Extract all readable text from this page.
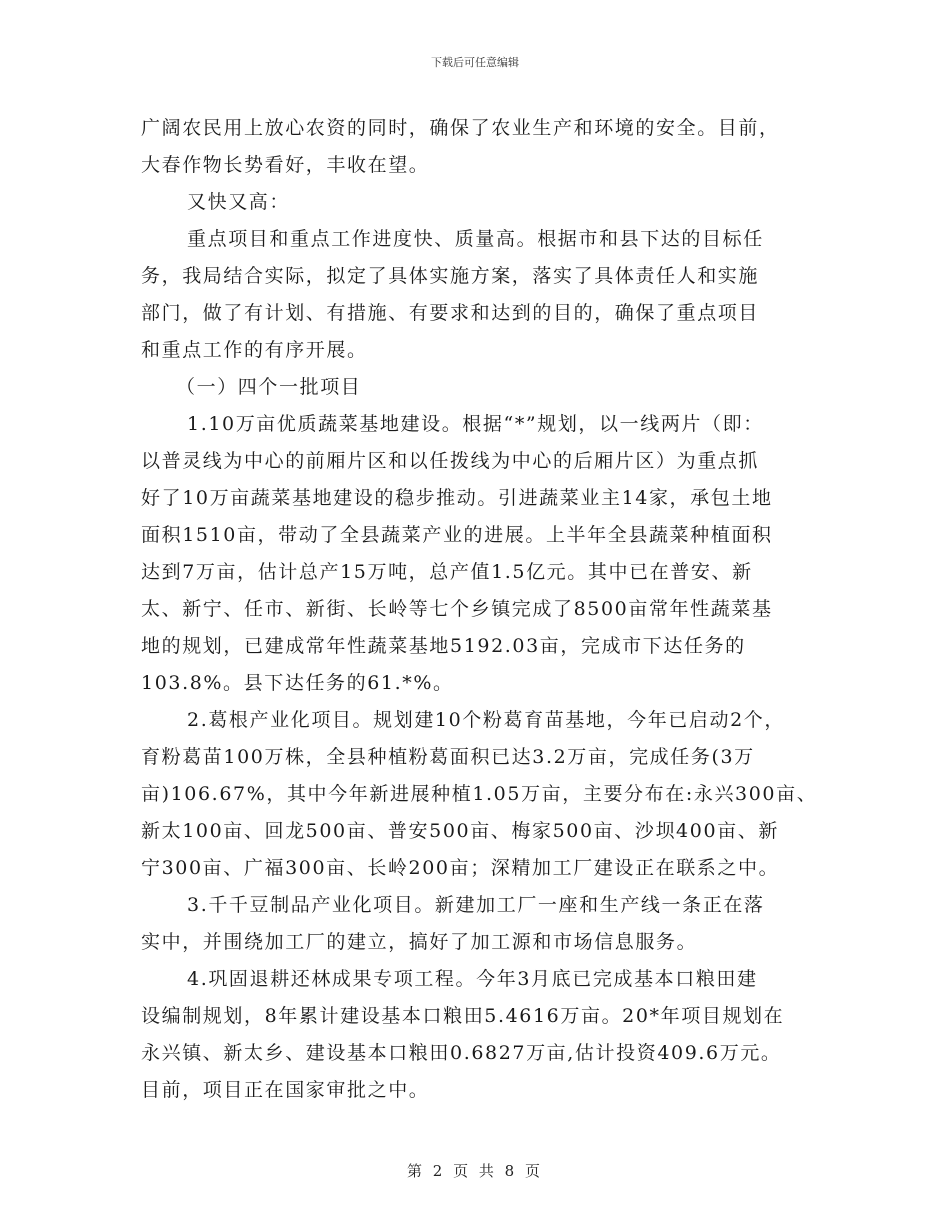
下载后可任意编辑
广阔农民用上放心农资的同时，确保了农业生产和环境的安全。目前，
大春作物长势看好，丰收在望。
又快又高：
重点项目和重点工作进度快、质量高。根据市和县下达的目标任
务，我局结合实际，拟定了具体实施方案，落实了具体责任人和实施
部门，做了有计划、有措施、有要求和达到的目的，确保了重点项目
和重点工作的有序开展。
（一）四个一批项目
1.10万亩优质蔬菜基地建设。根据“*”规划，以一线两片（即：
以普灵线为中心的前厢片区和以任拨线为中心的后厢片区）为重点抓
好了10万亩蔬菜基地建设的稳步推动。引进蔬菜业主14家，承包土地
面积1510亩，带动了全县蔬菜产业的进展。上半年全县蔬菜种植面积
达到7万亩，估计总产15万吨，总产值1.5亿元。其中已在普安、新
太、新宁、任市、新街、长岭等七个乡镇完成了8500亩常年性蔬菜基
地的规划，已建成常年性蔬菜基地5192.03亩，完成市下达任务的
103.8%。县下达任务的61.*%。
2.葛根产业化项目。规划建10个粉葛育苗基地，今年已启动2个，
育粉葛苗100万株，全县种植粉葛面积已达3.2万亩，完成任务(3万
亩)106.67%，其中今年新进展种植1.05万亩，主要分布在:永兴300亩、
新太100亩、回龙500亩、普安500亩、梅家500亩、沙坝400亩、新
宁300亩、广福300亩、长岭200亩；深精加工厂建设正在联系之中。
3.千千豆制品产业化项目。新建加工厂一座和生产线一条正在落
实中，并围绕加工厂的建立，搞好了加工源和市场信息服务。
4.巩固退耕还林成果专项工程。今年3月底已完成基本口粮田建
设编制规划，8年累计建设基本口粮田5.4616万亩。20*年项目规划在
永兴镇、新太乡、建设基本口粮田0.6827万亩,估计投资409.6万元。
目前，项目正在国家审批之中。
第 2 页 共 8 页
